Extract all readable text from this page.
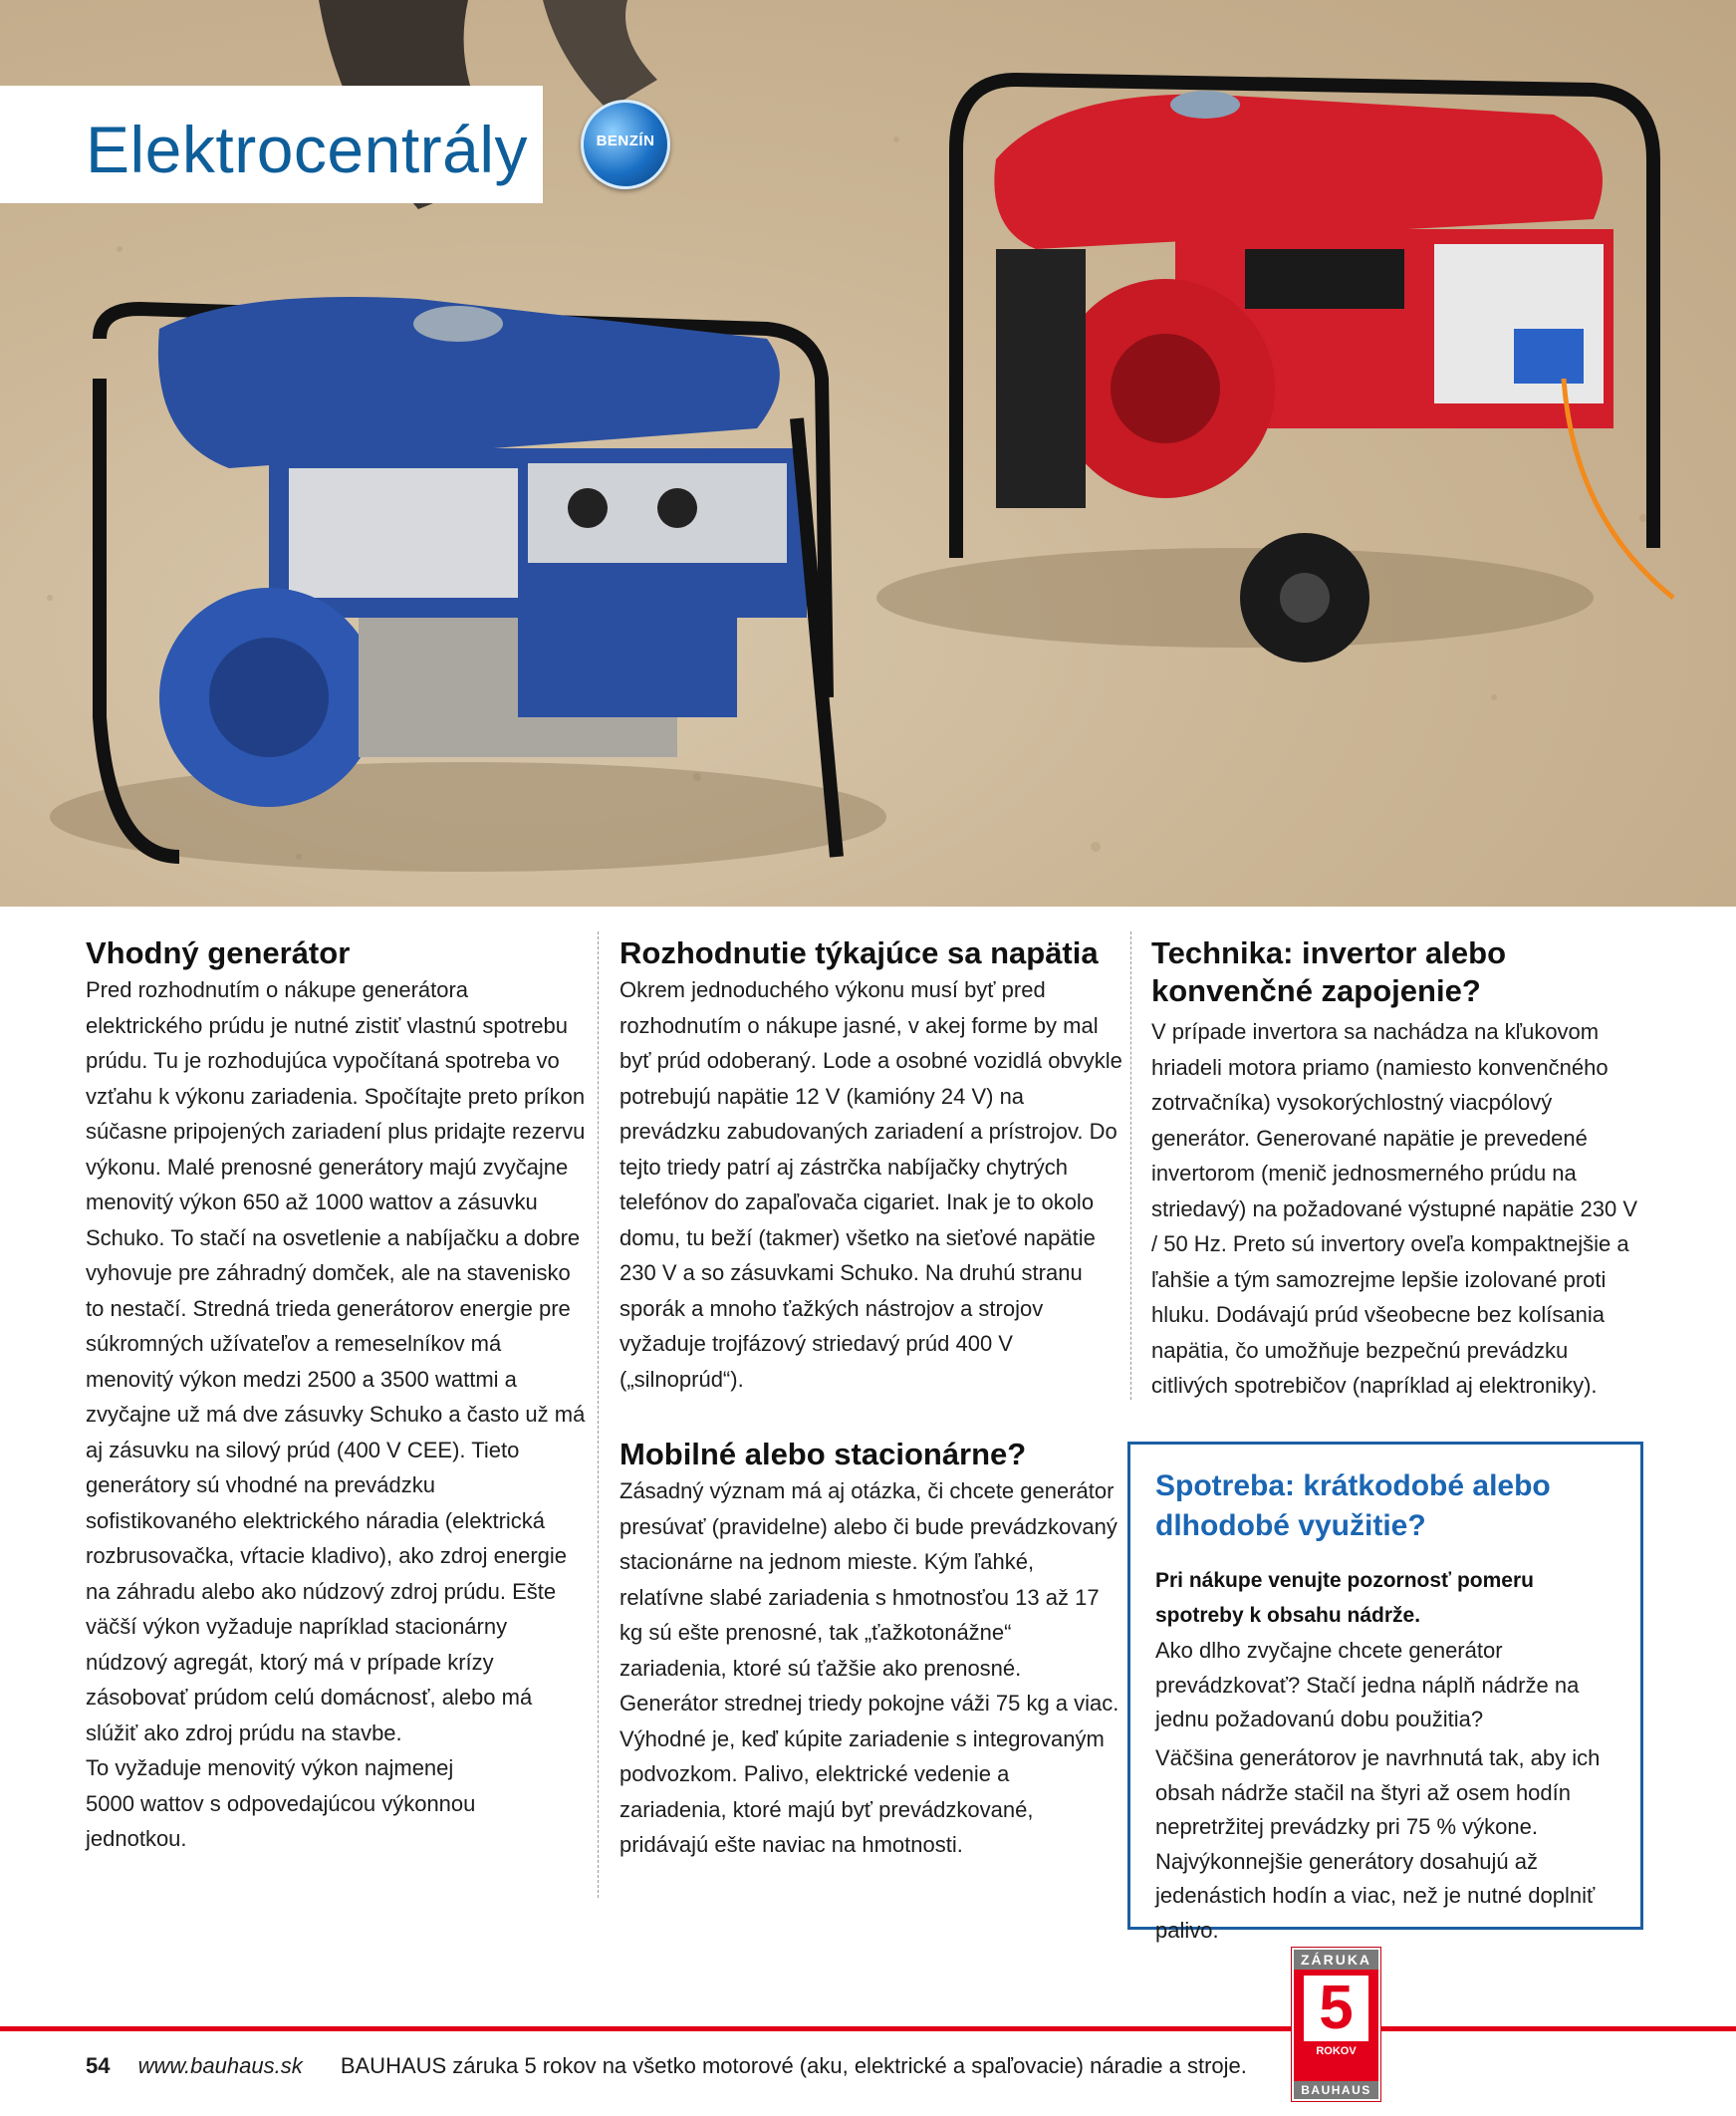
Elektrocentrály	BENZÍN
Vhodný generátor

Pred rozhodnutím o nákupe generátora elektrického prúdu je nutné zistiť vlastnú spotrebu prúdu. Tu je rozhodujúca vypočítaná spotreba vo vzťahu k výkonu zariadenia. Spočítajte preto príkon súčasne pripojených zariadení plus pridajte rezervu výkonu. Malé prenosné generátory majú zvyčajne menovitý výkon 650 až 1000 wattov a zásuvku Schuko. To stačí na osvetlenie a nabíjačku a dobre vyhovuje pre záhradný domček, ale na stavenisko to nestačí. Stredná trieda generátorov energie pre súkromných užívateľov a remeselníkov má menovitý výkon medzi 2500 a 3500 wattmi a zvyčajne už má dve zásuvky Schuko a často už má aj zásuvku na silový prúd (400 V CEE). Tieto generátory sú vhodné na prevádzku sofistikovaného elektrického náradia (elektrická rozbrusovačka, vŕtacie kladivo), ako zdroj energie na záhradu alebo ako núdzový zdroj prúdu. Ešte väčší výkon vyžaduje napríklad stacionárny núdzový agregát, ktorý má v prípade krízy zásobovať prúdom celú domácnosť, alebo má slúžiť ako zdroj prúdu na stavbe.

To vyžaduje menovitý výkon najmenej 5000 wattov s odpovedajúcou výkonnou jednotkou.

Rozhodnutie týkajúce sa napätia

Okrem jednoduchého výkonu musí byť pred rozhodnutím o nákupe jasné, v akej forme by mal byť prúd odoberaný. Lode a osobné vozidlá obvykle potrebujú napätie 12 V (kamióny 24 V) na prevádzku zabudovaných zariadení a prístrojov. Do tejto triedy patrí aj zástrčka nabíjačky chytrých telefónov do zapaľovača cigariet. Inak je to okolo domu, tu beží (takmer) všetko na sieťové napätie 230 V a so zásuvkami Schuko. Na druhú stranu sporák a mnoho ťažkých nástrojov a strojov vyžaduje trojfázový striedavý prúd 400 V („silnoprúd“).

Mobilné alebo stacionárne?

Zásadný význam má aj otázka, či chcete generátor presúvať (pravidelne) alebo či bude prevádzkovaný stacionárne na jednom mieste. Kým ľahké, relatívne slabé zariadenia s hmotnosťou 13 až 17 kg sú ešte prenosné, tak „ťažkotonážne“ zariadenia, ktoré sú ťažšie ako prenosné. Generátor strednej triedy pokojne váži 75 kg a viac. Výhodné je, keď kúpite zariadenie s integrovaným podvozkom. Palivo, elektrické vedenie a zariadenia, ktoré majú byť prevádzkované, pridávajú ešte naviac na hmotnosti.

Technika: invertor alebo konvenčné zapojenie?

V prípade invertora sa nachádza na kľukovom hriadeli motora priamo (namiesto konvenčného zotrvačníka) vysokorýchlostný viacpólový generátor. Generované napätie je prevedené invertorom (menič jednosmerného prúdu na striedavý) na požadované výstupné napätie 230 V / 50 Hz. Preto sú invertory oveľa kompaktnejšie a ľahšie a tým samozrejme lepšie izolované proti hluku. Dodávajú prúd všeobecne bez kolísania napätia, čo umožňuje bezpečnú prevádzku citlivých spotrebičov (napríklad aj elektroniky).

Spotreba: krátkodobé alebo dlhodobé využitie?

Pri nákupe venujte pozornosť pomeru spotreby k obsahu nádrže.

Ako dlho zvyčajne chcete generátor prevádzkovať? Stačí jedna náplň nádrže na jednu požadovanú dobu použitia?

Väčšina generátorov je navrhnutá tak, aby ich obsah nádrže stačil na štyri až osem hodín nepretržitej prevádzky pri 75 % výkone. Najvýkonnejšie generátory dosahujú až jedenástich hodín a viac, než je nutné doplniť palivo.

54 www.bauhaus.sk BAUHAUS záruka 5 rokov na všetko motorové (aku, elektrické a spaľovacie) náradie a stroje.
ZÁRUKA
5
ROKOV
BAUHAUS
